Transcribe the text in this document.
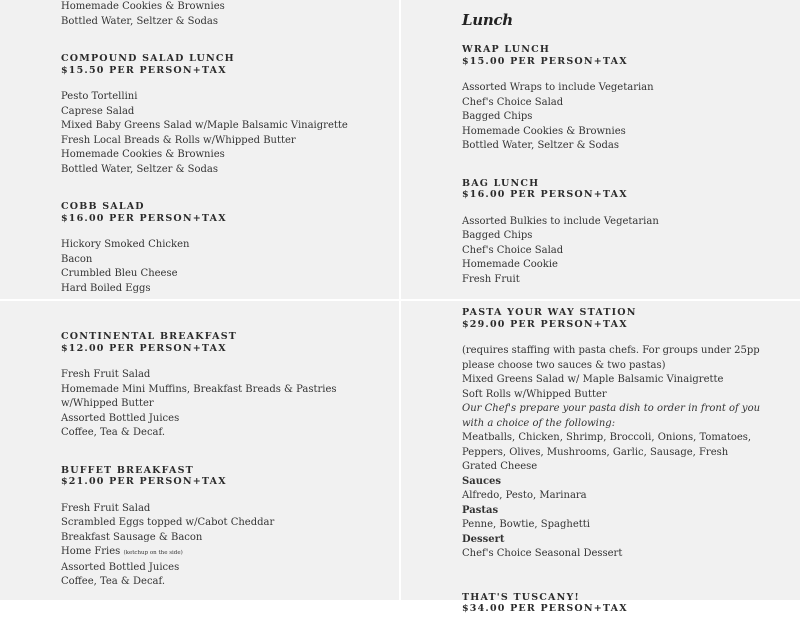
Homemade Cookies & Brownies
Bottled Water, Seltzer & Sodas
COMPOUND SALAD LUNCH
$15.50 PER PERSON+TAX
Pesto Tortellini
Caprese Salad
Mixed Baby Greens Salad w/Maple Balsamic Vinaigrette
Fresh Local Breads & Rolls w/Whipped Butter
Homemade Cookies & Brownies
Bottled Water, Seltzer & Sodas
COBB SALAD
$16.00 PER PERSON+TAX
Hickory Smoked Chicken
Bacon
Crumbled Bleu Cheese
Hard Boiled Eggs
Lunch
WRAP LUNCH
$15.00 PER PERSON+TAX
Assorted Wraps to include Vegetarian
Chef's Choice Salad
Bagged Chips
Homemade Cookies & Brownies
Bottled Water, Seltzer & Sodas
BAG LUNCH
$16.00 PER PERSON+TAX
Assorted Bulkies to include Vegetarian
Bagged Chips
Chef's Choice Salad
Homemade Cookie
Fresh Fruit
CONTINENTAL BREAKFAST
$12.00 PER PERSON+TAX
Fresh Fruit Salad
Homemade Mini Muffins, Breakfast Breads & Pastries w/Whipped Butter
Assorted Bottled Juices
Coffee, Tea & Decaf.
BUFFET BREAKFAST
$21.00 PER PERSON+TAX
Fresh Fruit Salad
Scrambled Eggs topped w/Cabot Cheddar
Breakfast Sausage & Bacon
Home Fries (ketchup on the side)
Assorted Bottled Juices
Coffee, Tea & Decaf.
PASTA YOUR WAY STATION
$29.00 PER PERSON+TAX
(requires staffing with pasta chefs. For groups under 25pp please choose two sauces & two pastas)
Mixed Greens Salad w/ Maple Balsamic Vinaigrette
Soft Rolls w/Whipped Butter
Our Chef's prepare your pasta dish to order in front of you with a choice of the following:
Meatballs, Chicken, Shrimp, Broccoli, Onions, Tomatoes, Peppers, Olives, Mushrooms, Garlic, Sausage, Fresh Grated Cheese
Sauces
Alfredo, Pesto, Marinara
Pastas
Penne, Bowtie, Spaghetti
Dessert
Chef's Choice Seasonal Dessert
THAT'S TUSCANY!
$34.00 PER PERSON+TAX
